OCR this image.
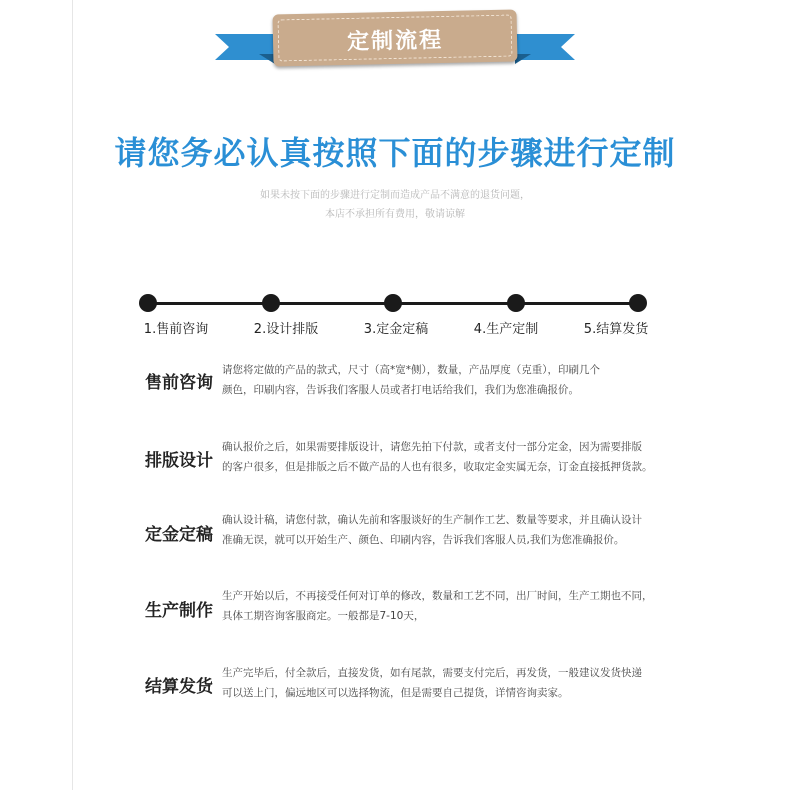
定制流程
请您务必认真按照下面的步骤进行定制
如果未按下面的步骤进行定制而造成产品不满意的退货问题，
本店不承担所有费用，敬请谅解
1.售前咨询	2.设计排版	3.定金定稿	4.生产定制	5.结算发货
售前咨询
请您将定做的产品的款式，尺寸（高*宽*侧），数量，产品厚度（克重），印刷几个
颜色，印刷内容，告诉我们客服人员或者打电话给我们，我们为您准确报价。
排版设计
确认报价之后，如果需要排版设计，请您先拍下付款，或者支付一部分定金，因为需要排版
的客户很多，但是排版之后不做产品的人也有很多，收取定金实属无奈，订金直接抵押货款。
定金定稿
确认设计稿，请您付款，确认先前和客服谈好的生产制作工艺、数量等要求，并且确认设计
准确无误，就可以开始生产、颜色、印刷内容，告诉我们客服人员,我们为您准确报价。
生产制作
生产开始以后，不再接受任何对订单的修改，数量和工艺不同，出厂时间，生产工期也不同，
具体工期咨询客服商定。一般都是7-10天，
结算发货
生产完毕后，付全款后，直接发货，如有尾款，需要支付完后，再发货，一般建议发货快递
可以送上门，偏远地区可以选择物流，但是需要自己提货，详情咨询卖家。
